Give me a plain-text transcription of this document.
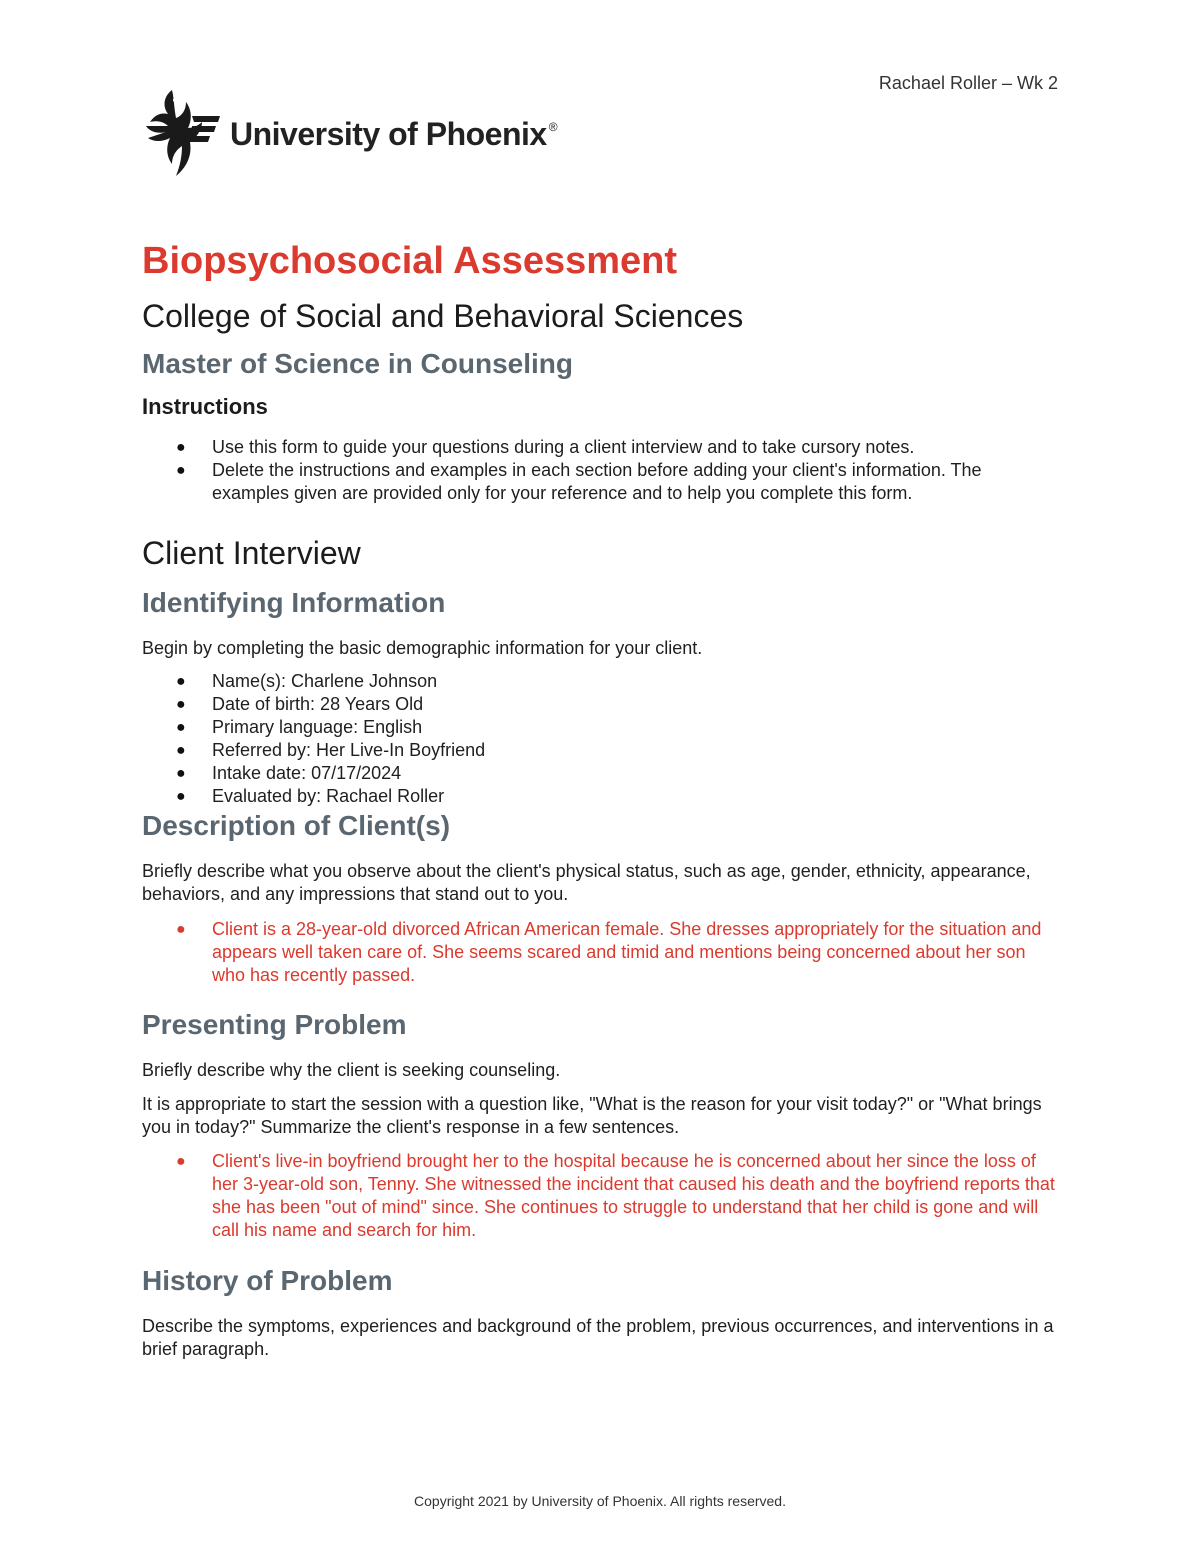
Rachael Roller – Wk 2
University of Phoenix ®
Biopsychosocial Assessment
College of Social and Behavioral Sciences
Master of Science in Counseling
Instructions
● Use this form to guide your questions during a client interview and to take cursory notes.
● Delete the instructions and examples in each section before adding your client's information. The examples given are provided only for your reference and to help you complete this form.
Client Interview
Identifying Information

Begin by completing the basic demographic information for your client.

● Name(s): Charlene Johnson
● Date of birth: 28 Years Old
● Primary language: English
● Referred by: Her Live-In Boyfriend
● Intake date: 07/17/2024
● Evaluated by: Rachael Roller
Description of Client(s)

Briefly describe what you observe about the client's physical status, such as age, gender, ethnicity, appearance, behaviors, and any impressions that stand out to you.

● Client is a 28-year-old divorced African American female. She dresses appropriately for the situation and appears well taken care of. She seems scared and timid and mentions being concerned about her son who has recently passed.
Presenting Problem

Briefly describe why the client is seeking counseling.

It is appropriate to start the session with a question like, "What is the reason for your visit today?" or "What brings you in today?" Summarize the client's response in a few sentences.

● Client's live-in boyfriend brought her to the hospital because he is concerned about her since the loss of her 3-year-old son, Tenny. She witnessed the incident that caused his death and the boyfriend reports that she has been "out of mind" since. She continues to struggle to understand that her child is gone and will call his name and search for him.
History of Problem

Describe the symptoms, experiences and background of the problem, previous occurrences, and interventions in a brief paragraph.

Copyright 2021 by University of Phoenix. All rights reserved.
